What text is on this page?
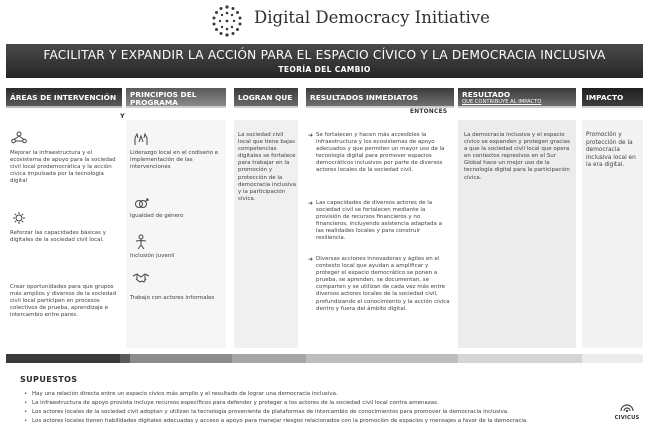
Digital Democracy Initiative
FACILITAR Y EXPANDIR LA ACCIÓN PARA EL ESPACIO CÍVICO Y LA DEMOCRACIA INCLUSIVA
TEORÍA DEL CAMBIO
ÁREAS DE INTERVENCIÓN	PRINCIPIOS DEL
PROGRAMA
LOGRAN QUE	RESULTADOS INMEDIATOS	RESULTADO
QUE CONTRIBUYE AL IMPACTO	IMPACTO
Y	ENTONCES
Mejorar la infraestructura y el ecosistema de apoyo para la sociedad civil local prodemocrática y la acción cívica impulsada por la tecnología digital
Reforzar las capacidades básicas y digitales de la sociedad civil local.
Crear oportunidades para que grupos más amplios y diversos de la sociedad civil local participen en procesos colectivos de prueba, aprendizaje e intercambio entre pares.
Liderazgo local en el codiseño e implementación de las intervenciones
Igualdad de género
Inclusión juvenil
Trabajo con actores informales
La sociedad civil local que tiene bajas competencias digitales se fortalece para trabajar en la promoción y protección de la democracia inclusiva y la participación cívica.
➜ Se fortalecen y hacen más accesibles la infraestructura y los ecosistemas de apoyo adecuados y que permiten un mayor uso de la tecnología digital para promover espacios democráticos inclusivos por parte de diversos actores locales de la sociedad civil.
➜ Las capacidades de diversos actores de la sociedad civil se fortalecen mediante la provisión de recursos financieros y no financieros, incluyendo asistencia adaptada a las realidades locales y para construir resiliencia.
➜ Diversas acciones innovadoras y ágiles en el contexto local que ayudan a amplificar y proteger el espacio democrático se ponen a prueba, se aprenden, se documentan, se comparten y se utilizan de cada vez más entre diversos actores locales de la sociedad civil, profundizando el conocimiento y la acción cívica dentro y fuera del ámbito digital.
La democracia inclusiva y el espacio cívico se expanden y protegen gracias a que la sociedad civil local que opera en contextos represivos en el Sur Global hace un mejor uso de la tecnología digital para la participación cívica.
Promoción y protección de la democracia inclusiva local en la era digital.
SUPUESTOS
• Hay una relación directa entre un espacio cívico más amplio y el resultado de lograr una democracia inclusiva.
• La infraestructura de apoyo provista incluye recursos específicos para defender y proteger a los actores de la sociedad civil local contra amenazas.
• Los actores locales de la sociedad civil adoptan y utilizan la tecnología proveniente de plataformas de intercambio de conocimientos para promover la democracia inclusiva.
• Los actores locales tienen habilidades digitales adecuadas y acceso a apoyo para manejar riesgos relacionados con la promoción de espacios y mensajes a favor de la democracia.	CIVICUS
